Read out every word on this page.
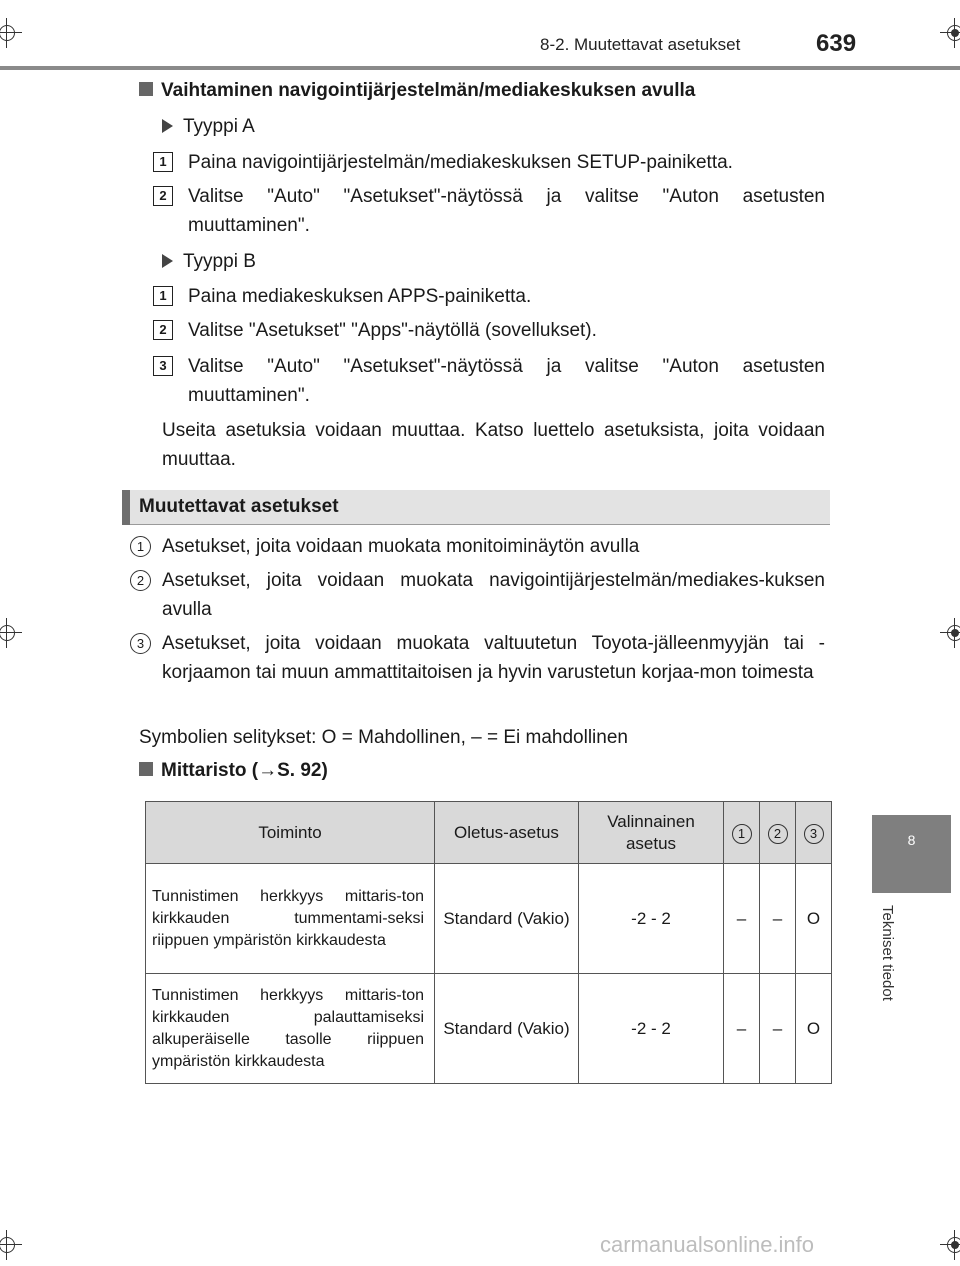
8-2. Muutettavat asetukset	639
8
Tekniset tiedot
Vaihtaminen navigointijärjestelmän/mediakeskuksen avulla
Tyyppi A
1	Paina navigointijärjestelmän/mediakeskuksen SETUP-painiketta.
2	Valitse "Auto" "Asetukset"-näytössä ja valitse "Auton asetusten muuttaminen".
Tyyppi B
1	Paina mediakeskuksen APPS-painiketta.
2	Valitse "Asetukset" "Apps"-näytöllä (sovellukset).
3	Valitse "Auto" "Asetukset"-näytössä ja valitse "Auton asetusten muuttaminen".
Useita asetuksia voidaan muuttaa. Katso luettelo asetuksista, joita voidaan muuttaa.
Muutettavat asetukset
1 Asetukset, joita voidaan muokata monitoiminäytön avulla
2 Asetukset, joita voidaan muokata navigointijärjestelmän/mediakes-kuksen avulla
3 Asetukset, joita voidaan muokata valtuutetun Toyota-jälleenmyyjän tai -korjaamon tai muun ammattitaitoisen ja hyvin varustetun korjaa-mon toimesta
Symbolien selitykset: O = Mahdollinen, – = Ei mahdollinen
Mittaristo (→S. 92)
Toiminto	Oletus-asetus	Valinnainen asetus	1	2	3
Tunnistimen herkkyys mittaris-ton kirkkauden tummentami-seksi riippuen ympäristön kirkkaudesta	Standard (Vakio)	-2 - 2	–	–	O
Tunnistimen herkkyys mittaris-ton kirkkauden palauttamiseksi alkuperäiselle tasolle riippuen ympäristön kirkkaudesta	Standard (Vakio)	-2 - 2	–	–	O
carmanualsonline.info
